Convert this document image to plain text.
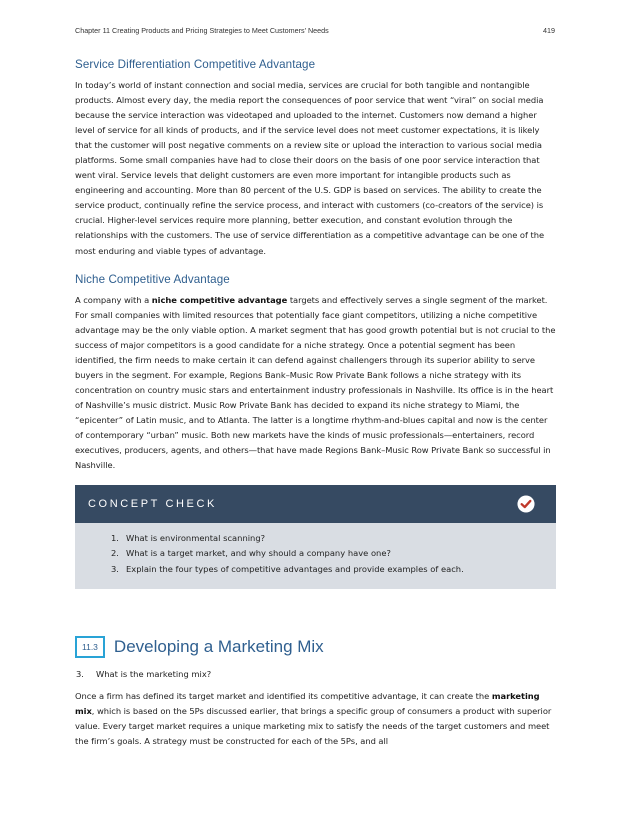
Chapter 11 Creating Products and Pricing Strategies to Meet Customers' Needs	419
Service Differentiation Competitive Advantage

In today’s world of instant connection and social media, services are crucial for both tangible and nontangible products. Almost every day, the media report the consequences of poor service that went “viral” on social media because the service interaction was videotaped and uploaded to the internet. Customers now demand a higher level of service for all kinds of products, and if the service level does not meet customer expectations, it is likely that the customer will post negative comments on a review site or upload the interaction to various social media platforms. Some small companies have had to close their doors on the basis of one poor service interaction that went viral. Service levels that delight customers are even more important for intangible products such as engineering and accounting. More than 80 percent of the U.S. GDP is based on services. The ability to create the service product, continually refine the service process, and interact with customers (co-creators of the service) is crucial. Higher-level services require more planning, better execution, and constant evolution through the relationships with the customers. The use of service differentiation as a competitive advantage can be one of the most enduring and viable types of advantage.

Niche Competitive Advantage

A company with a niche competitive advantage targets and effectively serves a single segment of the market. For small companies with limited resources that potentially face giant competitors, utilizing a niche competitive advantage may be the only viable option. A market segment that has good growth potential but is not crucial to the success of major competitors is a good candidate for a niche strategy. Once a potential segment has been identified, the firm needs to make certain it can defend against challengers through its superior ability to serve buyers in the segment. For example, Regions Bank–Music Row Private Bank follows a niche strategy with its concentration on country music stars and entertainment industry professionals in Nashville. Its office is in the heart of Nashville’s music district. Music Row Private Bank has decided to expand its niche strategy to Miami, the “epicenter” of Latin music, and to Atlanta. The latter is a longtime rhythm-and-blues capital and now is the center of contemporary “urban” music. Both new markets have the kinds of music professionals—entertainers, record executives, producers, agents, and others—that have made Regions Bank–Music Row Private Bank so successful in Nashville.

CONCEPT CHECK
1. What is environmental scanning?
2. What is a target market, and why should a company have one?
3. Explain the four types of competitive advantages and provide examples of each.
11.3 Developing a Marketing Mix
3.	What is the marketing mix?

Once a firm has defined its target market and identified its competitive advantage, it can create the marketing mix, which is based on the 5Ps discussed earlier, that brings a specific group of consumers a product with superior value. Every target market requires a unique marketing mix to satisfy the needs of the target customers and meet the firm’s goals. A strategy must be constructed for each of the 5Ps, and all
